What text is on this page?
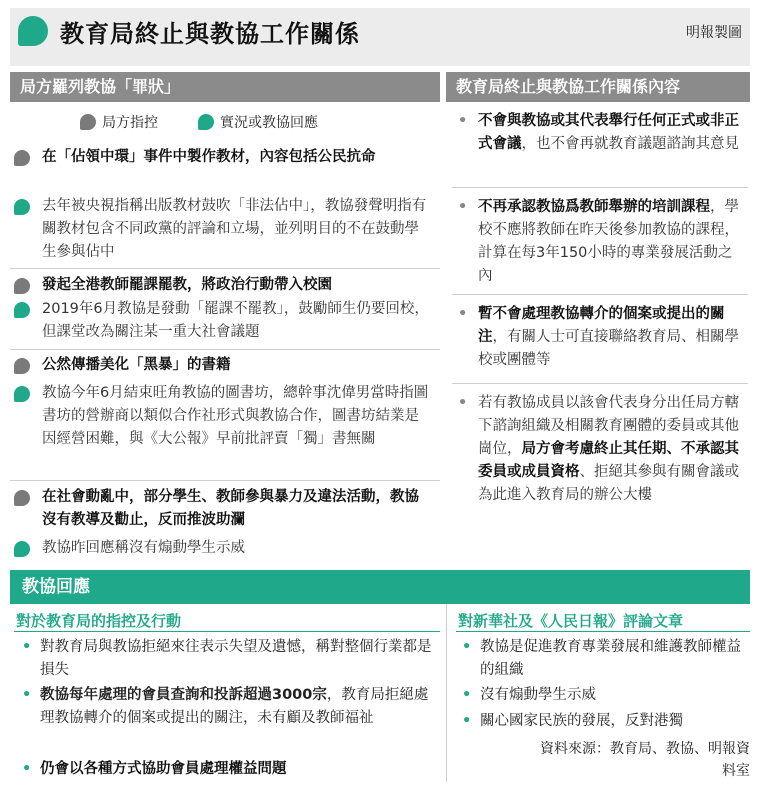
教育局終止與教協工作關係	明報製圖
局方羅列教協「罪狀」	教育局終止與教協工作關係內容
局方指控	實況或教協回應
在「佔領中環」事件中製作教材，內容包括公民抗命
去年被央視指稱出版教材鼓吹「非法佔中」，教協發聲明指有關教材包含不同政黨的評論和立場，並列明目的不在鼓動學生參與佔中
發起全港教師罷課罷教，將政治行動帶入校園
2019年6月教協是發動「罷課不罷教」，鼓勵師生仍要回校，但課堂改為關注某一重大社會議題
公然傳播美化「黑暴」的書籍
教協今年6月結束旺角教協的圖書坊，總幹事沈偉男當時指圖書坊的營辦商以類似合作社形式與教協合作，圖書坊結業是因經營困難，與《大公報》早前批評賣「獨」書無關
在社會動亂中，部分學生、教師參與暴力及違法活動，教協沒有教導及勸止，反而推波助瀾
教協昨回應稱沒有煽動學生示威
• 不會與教協或其代表舉行任何正式或非正式會議，也不會再就教育議題諮詢其意見
• 不再承認教協爲教師舉辦的培訓課程，學校不應將教師在昨天後參加教協的課程，計算在每3年150小時的專業發展活動之內
• 暫不會處理教協轉介的個案或提出的關注，有關人士可直接聯絡教育局、相關學校或團體等
• 若有教協成員以該會代表身分出任局方轄下諮詢組織及相關教育團體的委員或其他崗位，局方會考慮終止其任期、不承認其委員或成員資格、拒絕其參與有關會議或為此進入教育局的辦公大樓
教協回應
對於教育局的指控及行動	對新華社及《人民日報》評論文章
• 對教育局與教協拒絕來往表示失望及遺憾，稱對整個行業都是損失
• 教協每年處理的會員查詢和投訴超過3000宗，教育局拒絕處理教協轉介的個案或提出的關注，未有顧及教師福祉
• 仍會以各種方式協助會員處理權益問題
• 教協是促進教育專業發展和維護教師權益的組織
• 沒有煽動學生示威
• 關心國家民族的發展，反對港獨
資料來源：教育局、教協、明報資料室
